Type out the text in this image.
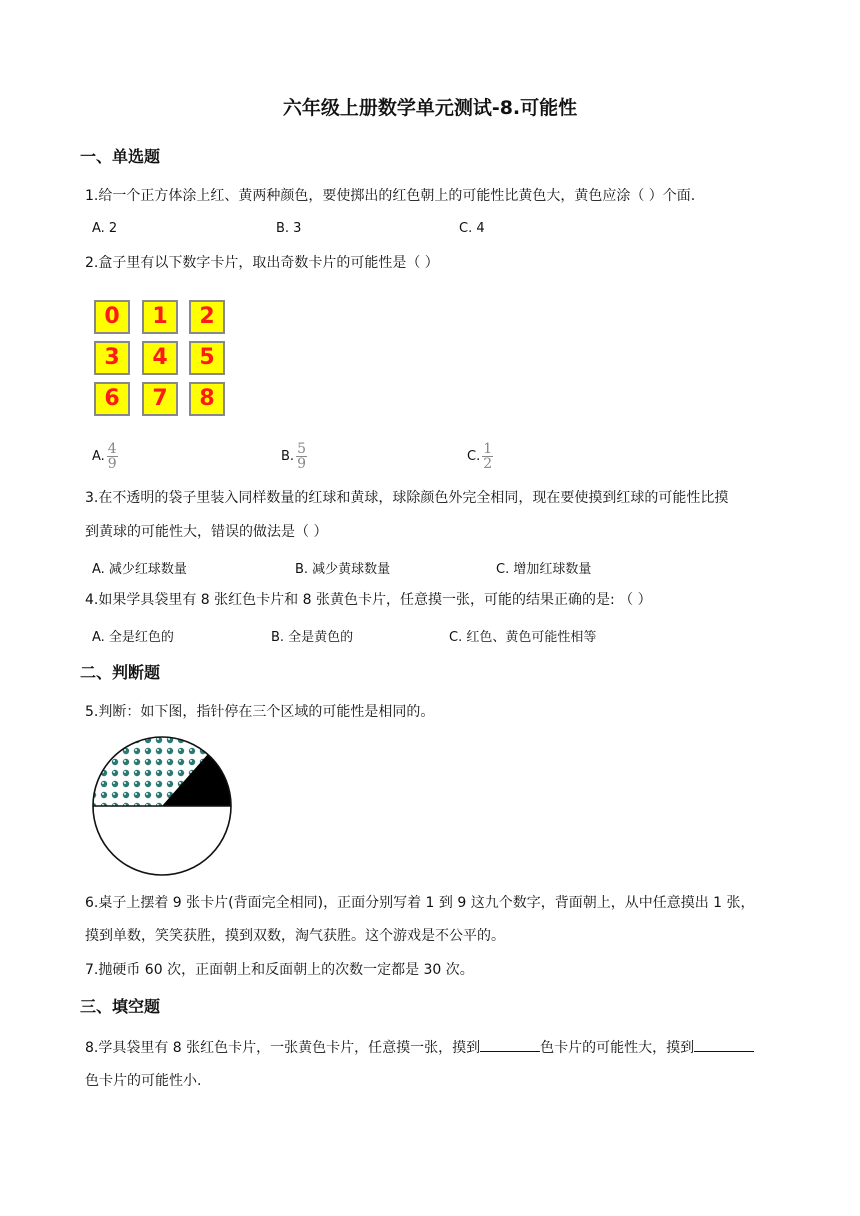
六年级上册数学单元测试-8.可能性
一、单选题
1.给一个正方体涂上红、黄两种颜色，要使掷出的红色朝上的可能性比黄色大，黄色应涂（ ）个面.
A. 2	B. 3	C. 4
2.盒子里有以下数字卡片，取出奇数卡片的可能性是（ ）
0	1	2
3	4	5
6	7	8
A. $\frac{4}{9}$	B. $\frac{5}{9}$	C. $\frac{1}{2}$
3.在不透明的袋子里装入同样数量的红球和黄球，球除颜色外完全相同，现在要使摸到红球的可能性比摸
到黄球的可能性大，错误的做法是（ ）
A. 减少红球数量	B. 减少黄球数量	C. 增加红球数量
4.如果学具袋里有 8 张红色卡片和 8 张黄色卡片，任意摸一张，可能的结果正确的是: （ ）
A. 全是红色的	B. 全是黄色的	C. 红色、黄色可能性相等
二、判断题
5.判断：如下图，指针停在三个区域的可能性是相同的。
6.桌子上摆着 9 张卡片(背面完全相同)，正面分别写着 1 到 9 这九个数字，背面朝上，从中任意摸出 1 张，
摸到单数，笑笑获胜，摸到双数，淘气获胜。这个游戏是不公平的。
7.抛硬币 60 次，正面朝上和反面朝上的次数一定都是 30 次。
三、填空题
8.学具袋里有 8 张红色卡片，一张黄色卡片，任意摸一张，摸到	色卡片的可能性大，摸到
色卡片的可能性小.
